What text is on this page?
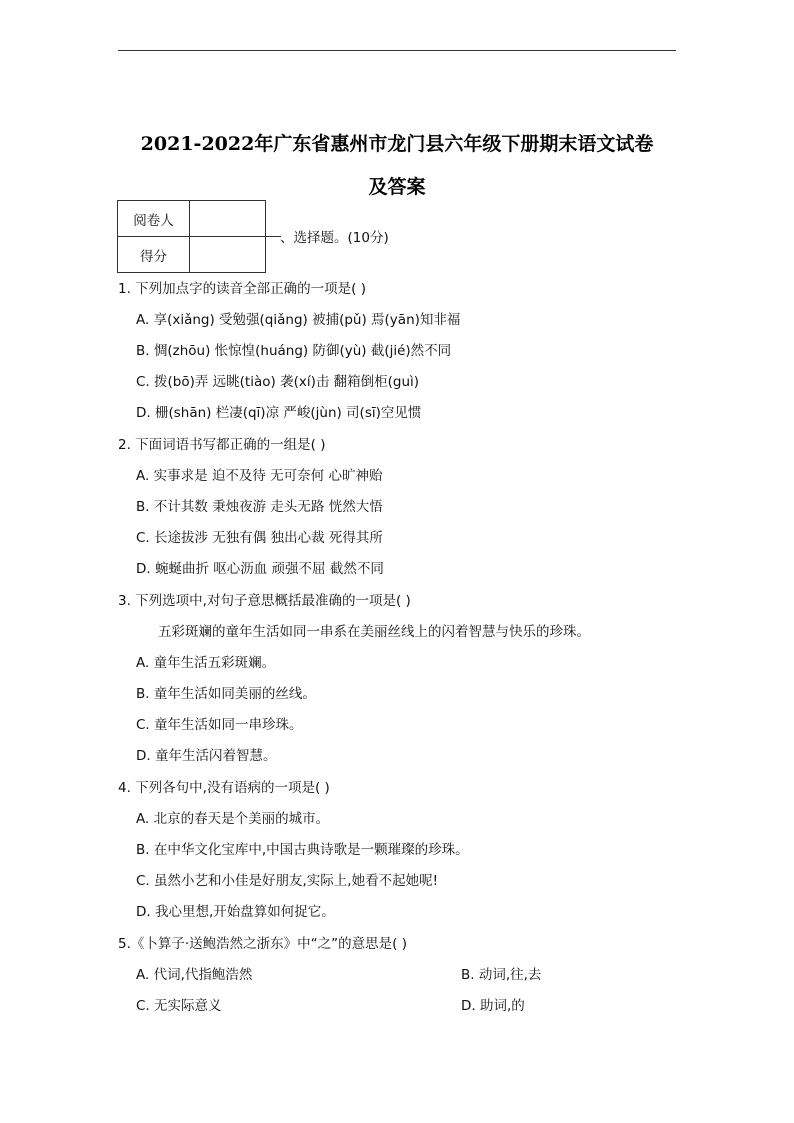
2021-2022年广东省惠州市龙门县六年级下册期末语文试卷
及答案
阅卷人	
得分	
、选择题。(10分)
1. 下列加点字的读音全部正确的一项是( )
A. 享(xiǎng) 受勉强(qiǎng) 被捕(pǔ) 焉(yān)知非福
B. 惆(zhōu) 怅惊惶(huáng) 防御(yù) 截(jié)然不同
C. 拨(bō)弄 远眺(tiào) 袭(xí)击 翻箱倒柜(guì)
D. 栅(shān) 栏凄(qī)凉 严峻(jùn) 司(sī)空见惯
2. 下面词语书写都正确的一组是( )
A. 实事求是 迫不及待 无可奈何 心旷神贻
B. 不计其数 秉烛夜游 走头无路 恍然大悟
C. 长途拔涉 无独有偶 独出心裁 死得其所
D. 蜿蜒曲折 呕心沥血 顽强不屈 截然不同
3. 下列选项中,对句子意思概括最准确的一项是( )
五彩斑斓的童年生活如同一串系在美丽丝线上的闪着智慧与快乐的珍珠。
A. 童年生活五彩斑斓。
B. 童年生活如同美丽的丝线。
C. 童年生活如同一串珍珠。
D. 童年生活闪着智慧。
4. 下列各句中,没有语病的一项是( )
A. 北京的春天是个美丽的城市。
B. 在中华文化宝库中,中国古典诗歌是一颗璀璨的珍珠。
C. 虽然小艺和小佳是好朋友,实际上,她看不起她呢!
D. 我心里想,开始盘算如何捉它。
5.《卜算子·送鲍浩然之浙东》中“之”的意思是( )
A. 代词,代指鲍浩然	B. 动词,往,去
C. 无实际意义	D. 助词,的
